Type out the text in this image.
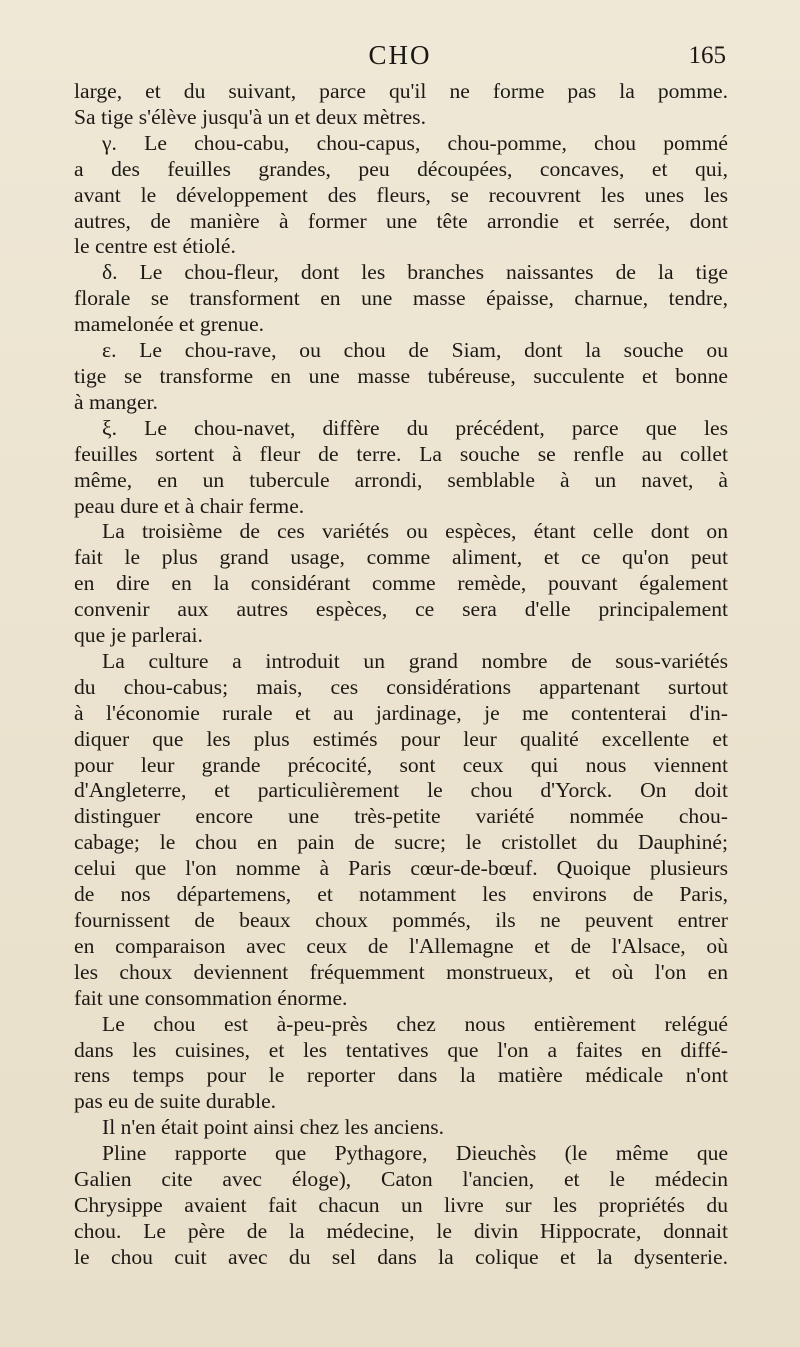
CHO	165
large, et du suivant, parce qu'il ne forme pas la pomme.
Sa tige s'élève jusqu'à un et deux mètres.
γ. Le chou-cabu, chou-capus, chou-pomme, chou pommé
a des feuilles grandes, peu découpées, concaves, et qui,
avant le développement des fleurs, se recouvrent les unes les
autres, de manière à former une tête arrondie et serrée, dont
le centre est étiolé.
δ. Le chou-fleur, dont les branches naissantes de la tige
florale se transforment en une masse épaisse, charnue, tendre,
mamelonée et grenue.
ε. Le chou-rave, ou chou de Siam, dont la souche ou
tige se transforme en une masse tubéreuse, succulente et bonne
à manger.
ξ. Le chou-navet, diffère du précédent, parce que les
feuilles sortent à fleur de terre. La souche se renfle au collet
même, en un tubercule arrondi, semblable à un navet, à
peau dure et à chair ferme.
La troisième de ces variétés ou espèces, étant celle dont on
fait le plus grand usage, comme aliment, et ce qu'on peut
en dire en la considérant comme remède, pouvant également
convenir aux autres espèces, ce sera d'elle principalement
que je parlerai.
La culture a introduit un grand nombre de sous-variétés
du chou-cabus; mais, ces considérations appartenant surtout
à l'économie rurale et au jardinage, je me contenterai d'in-
diquer que les plus estimés pour leur qualité excellente et
pour leur grande précocité, sont ceux qui nous viennent
d'Angleterre, et particulièrement le chou d'Yorck. On doit
distinguer encore une très-petite variété nommée chou-
cabage; le chou en pain de sucre; le cristollet du Dauphiné;
celui que l'on nomme à Paris cœur-de-bœuf. Quoique plusieurs
de nos départemens, et notamment les environs de Paris,
fournissent de beaux choux pommés, ils ne peuvent entrer
en comparaison avec ceux de l'Allemagne et de l'Alsace, où
les choux deviennent fréquemment monstrueux, et où l'on en
fait une consommation énorme.
Le chou est à-peu-près chez nous entièrement relégué
dans les cuisines, et les tentatives que l'on a faites en diffé-
rens temps pour le reporter dans la matière médicale n'ont
pas eu de suite durable.
Il n'en était point ainsi chez les anciens.
Pline rapporte que Pythagore, Dieuchès (le même que
Galien cite avec éloge), Caton l'ancien, et le médecin
Chrysippe avaient fait chacun un livre sur les propriétés du
chou. Le père de la médecine, le divin Hippocrate, donnait
le chou cuit avec du sel dans la colique et la dysenterie.
